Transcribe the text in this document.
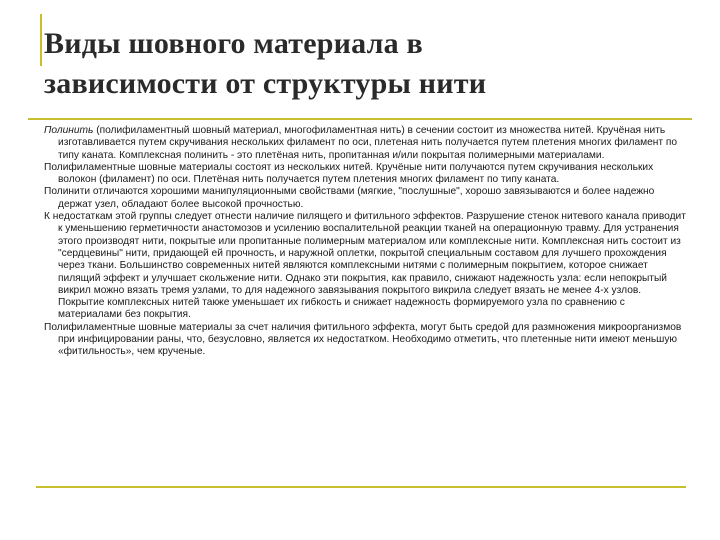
Виды шовного материала в
зависимости от структуры нити

Полинить (полифиламентный шовный материал, многофиламентная нить) в сечении состоит из множества нитей. Кручёная нить изготавливается путем скручивания нескольких филамент по оси, плетеная нить получается путем плетения многих филамент по типу каната. Комплексная полинить - это плетёная нить, пропитанная и/или покрытая полимерными материалами.

Полифиламентные шовные материалы состоят из нескольких нитей. Кручёные нити получаются путем скручивания нескольких волокон (филамент) по оси. Плетёная нить получается путем плетения многих филамент по типу каната.

Полинити отличаются хорошими манипуляционными свойствами (мягкие, "послушные", хорошо завязываются и более надежно держат узел, обладают более высокой прочностью.

К недостаткам этой группы следует отнести наличие пилящего и фитильного эффектов. Разрушение стенок нитевого канала приводит к уменьшению герметичности анастомозов и усилению воспалительной реакции тканей на операционную травму. Для устранения этого производят нити, покрытые или пропитанные полимерным материалом или комплексные нити. Комплексная нить состоит из "сердцевины" нити, придающей ей прочность, и наружной оплетки, покрытой специальным составом для лучшего прохождения через ткани. Большинство современных нитей являются комплексными нитями с полимерным покрытием, которое снижает пилящий эффект и улучшает скольжение нити. Однако эти покрытия, как правило, снижают надежность узла: если непокрытый викрил можно вязать тремя узлами, то для надежного завязывания покрытого викрила следует вязать не менее 4-х узлов. Покрытие комплексных нитей также уменьшает их гибкость и снижает надежность формируемого узла по сравнению с материалами без покрытия.

Полифиламентные шовные материалы за счет наличия фитильного эффекта, могут быть средой для размножения микроорганизмов при инфицировании раны, что, безусловно, является их недостатком. Необходимо отметить, что плетенные нити имеют меньшую «фитильность», чем крученые.
